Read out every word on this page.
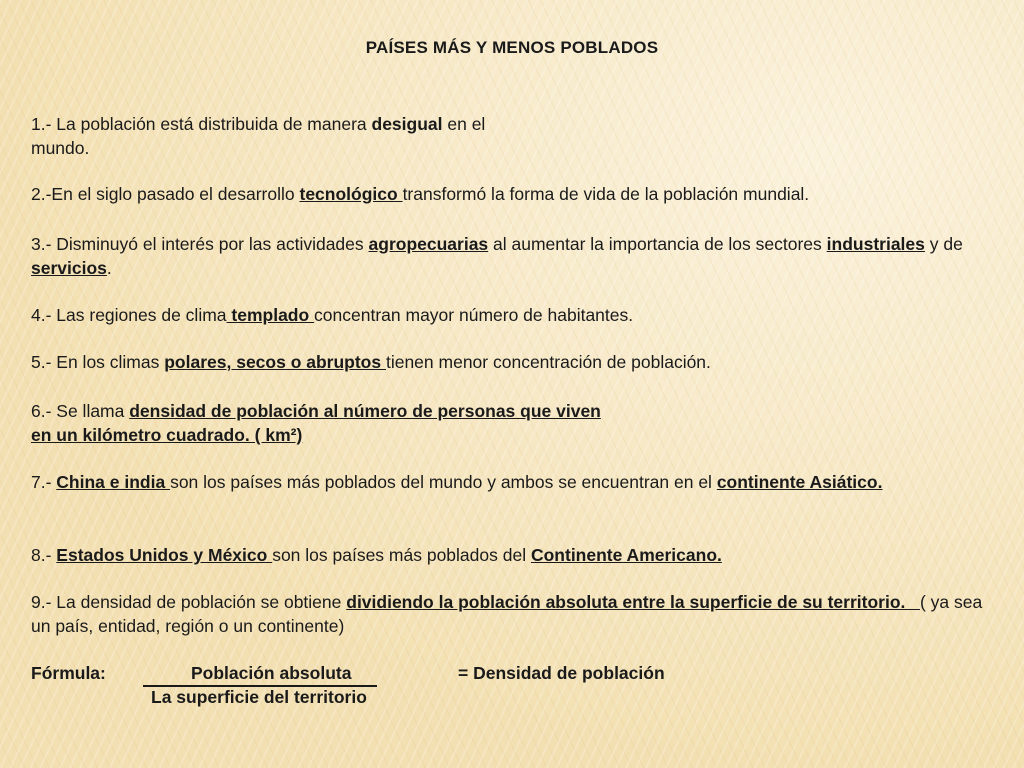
PAÍSES MÁS Y MENOS POBLADOS

1.- La población está distribuida de manera desigual en el
mundo.

2.-En el siglo pasado el desarrollo tecnológico transformó la forma de vida de la población mundial.

3.- Disminuyó el interés por las actividades agropecuarias al aumentar la importancia de los sectores industriales y de servicios.

4.- Las regiones de clima templado concentran mayor número de habitantes.

5.- En los climas polares, secos o abruptos tienen menor concentración de población.

6.- Se llama densidad de población al número de personas que viven
en un kilómetro cuadrado. ( km²)

7.- China e india son los países más poblados del mundo y ambos se encuentran en el continente Asiático.

8.- Estados Unidos y México son los países más poblados del Continente Americano.

9.- La densidad de población se obtiene dividiendo la población absoluta entre la superficie de su territorio.   ( ya sea un país, entidad, región o un continente)

Fórmula:	Población absoluta	= Densidad de población
La superficie del territorio
